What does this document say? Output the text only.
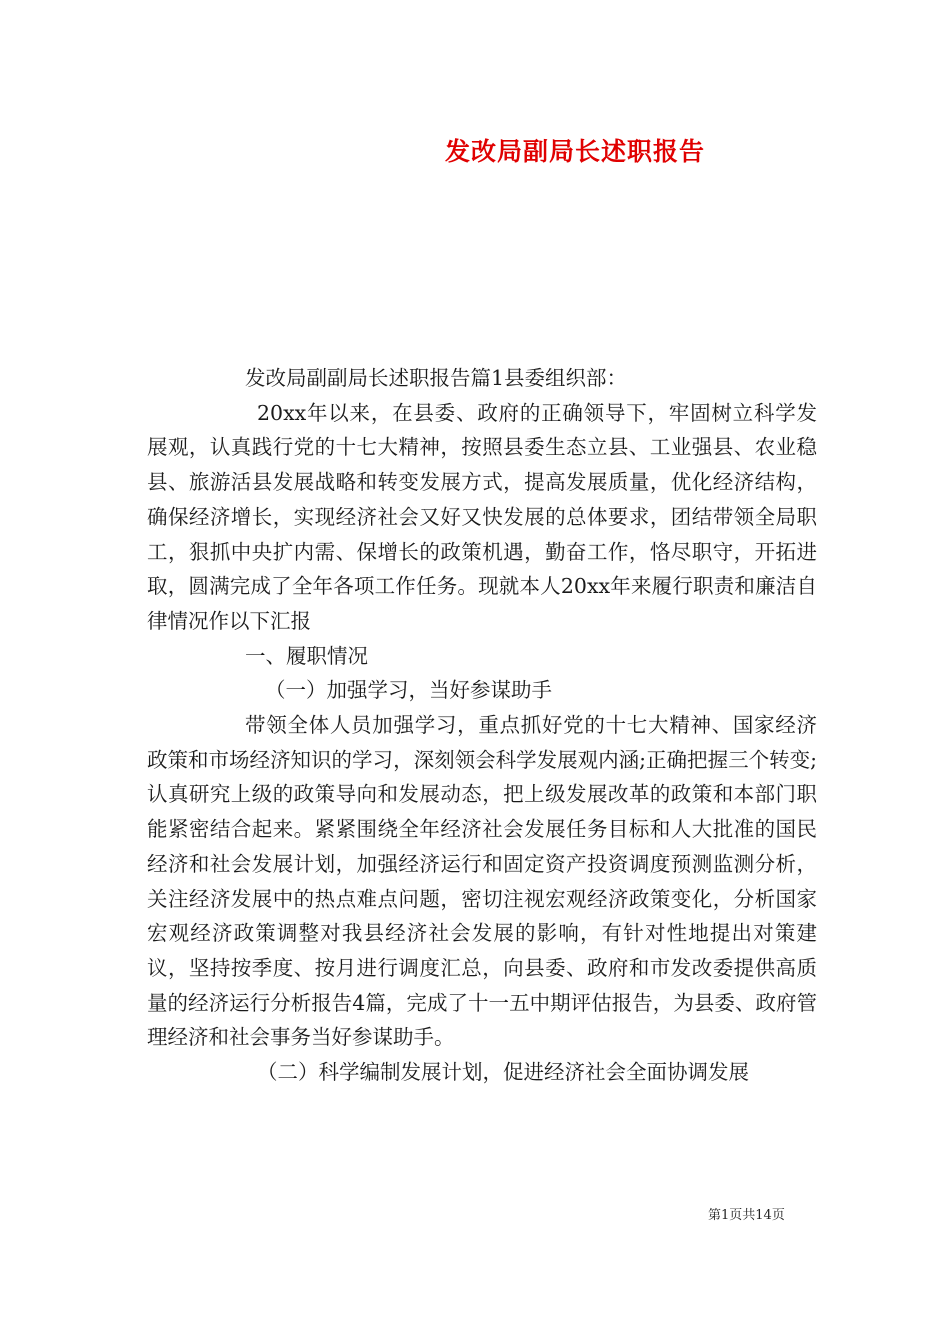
发改局副局长述职报告

发改局副副局长述职报告篇1县委组织部：

20xx年以来，在县委、政府的正确领导下，牢固树立科学发展观，认真践行党的十七大精神，按照县委生态立县、工业强县、农业稳县、旅游活县发展战略和转变发展方式，提高发展质量，优化经济结构，确保经济增长，实现经济社会又好又快发展的总体要求，团结带领全局职工，狠抓中央扩内需、保增长的政策机遇，勤奋工作，恪尽职守，开拓进取，圆满完成了全年各项工作任务。现就本人20xx年来履行职责和廉洁自律情况作以下汇报

一、履职情况

（一）加强学习，当好参谋助手

带领全体人员加强学习，重点抓好党的十七大精神、国家经济政策和市场经济知识的学习，深刻领会科学发展观内涵;正确把握三个转变;认真研究上级的政策导向和发展动态，把上级发展改革的政策和本部门职能紧密结合起来。紧紧围绕全年经济社会发展任务目标和人大批准的国民经济和社会发展计划，加强经济运行和固定资产投资调度预测监测分析，关注经济发展中的热点难点问题，密切注视宏观经济政策变化，分析国家宏观经济政策调整对我县经济社会发展的影响，有针对性地提出对策建议，坚持按季度、按月进行调度汇总，向县委、政府和市发改委提供高质量的经济运行分析报告4篇，完成了十一五中期评估报告，为县委、政府管理经济和社会事务当好参谋助手。

（二）科学编制发展计划，促进经济社会全面协调发展

第1页共14页
